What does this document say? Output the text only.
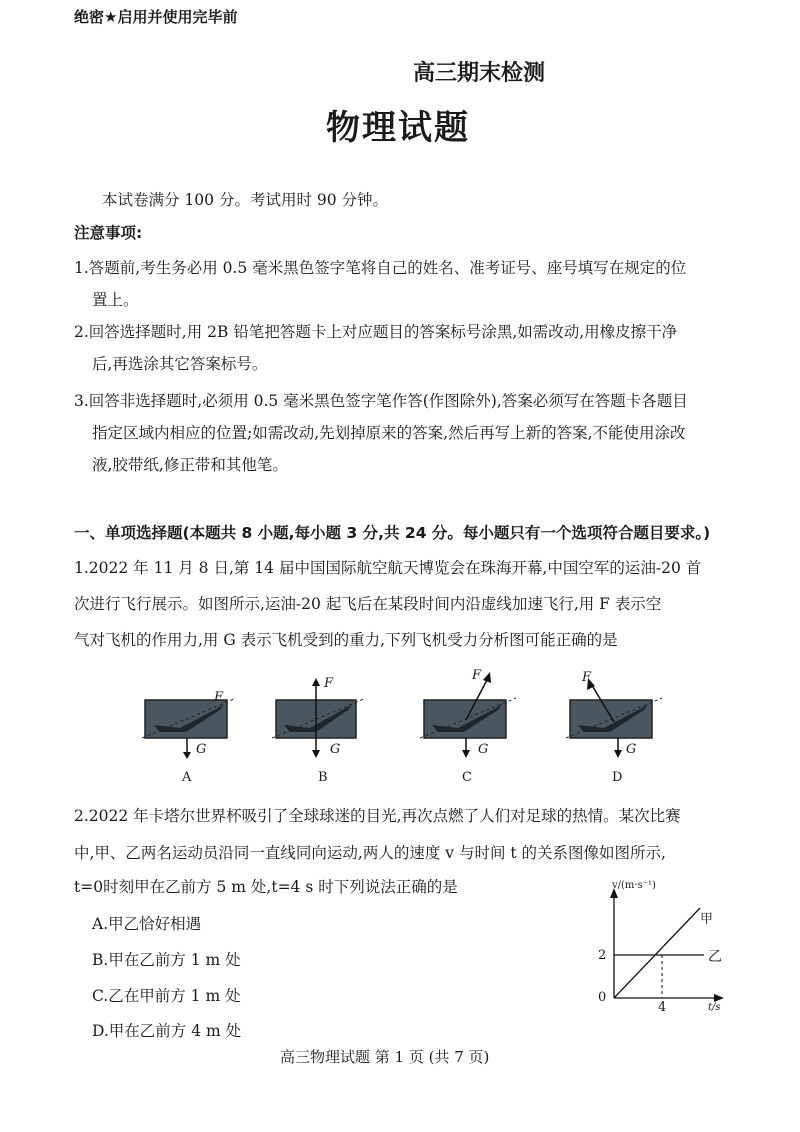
绝密★启用并使用完毕前
高三期末检测
物理试题
本试卷满分 100 分。考试用时 90 分钟。
注意事项:
1.答题前,考生务必用 0.5 毫米黑色签字笔将自己的姓名、准考证号、座号填写在规定的位
置上。
2.回答选择题时,用 2B 铅笔把答题卡上对应题目的答案标号涂黑,如需改动,用橡皮擦干净
后,再选涂其它答案标号。
3.回答非选择题时,必须用 0.5 毫米黑色签字笔作答(作图除外),答案必须写在答题卡各题目
指定区域内相应的位置;如需改动,先划掉原来的答案,然后再写上新的答案,不能使用涂改
液,胶带纸,修正带和其他笔。
一、单项选择题(本题共 8 小题,每小题 3 分,共 24 分。每小题只有一个选项符合题目要求。)
1.2022 年 11 月 8 日,第 14 届中国国际航空航天博览会在珠海开幕,中国空军的运油-20 首
次进行飞行展示。如图所示,运油-20 起飞后在某段时间内沿虚线加速飞行,用 F 表示空
气对飞机的作用力,用 G 表示飞机受到的重力,下列飞机受力分析图可能正确的是
F
G
A
F
G
B
F
G
C
F
G
D
2.2022 年卡塔尔世界杯吸引了全球球迷的目光,再次点燃了人们对足球的热情。某次比赛
中,甲、乙两名运动员沿同一直线同向运动,两人的速度 v 与时间 t 的关系图像如图所示,
t=0时刻甲在乙前方 5 m 处,t=4 s 时下列说法正确的是
A.甲乙恰好相遇
B.甲在乙前方 1 m 处
C.乙在甲前方 1 m 处
D.甲在乙前方 4 m 处
v/(m·s⁻¹)
t/s
0
2
4
甲
乙
高三物理试题 第 1 页 (共 7 页)
